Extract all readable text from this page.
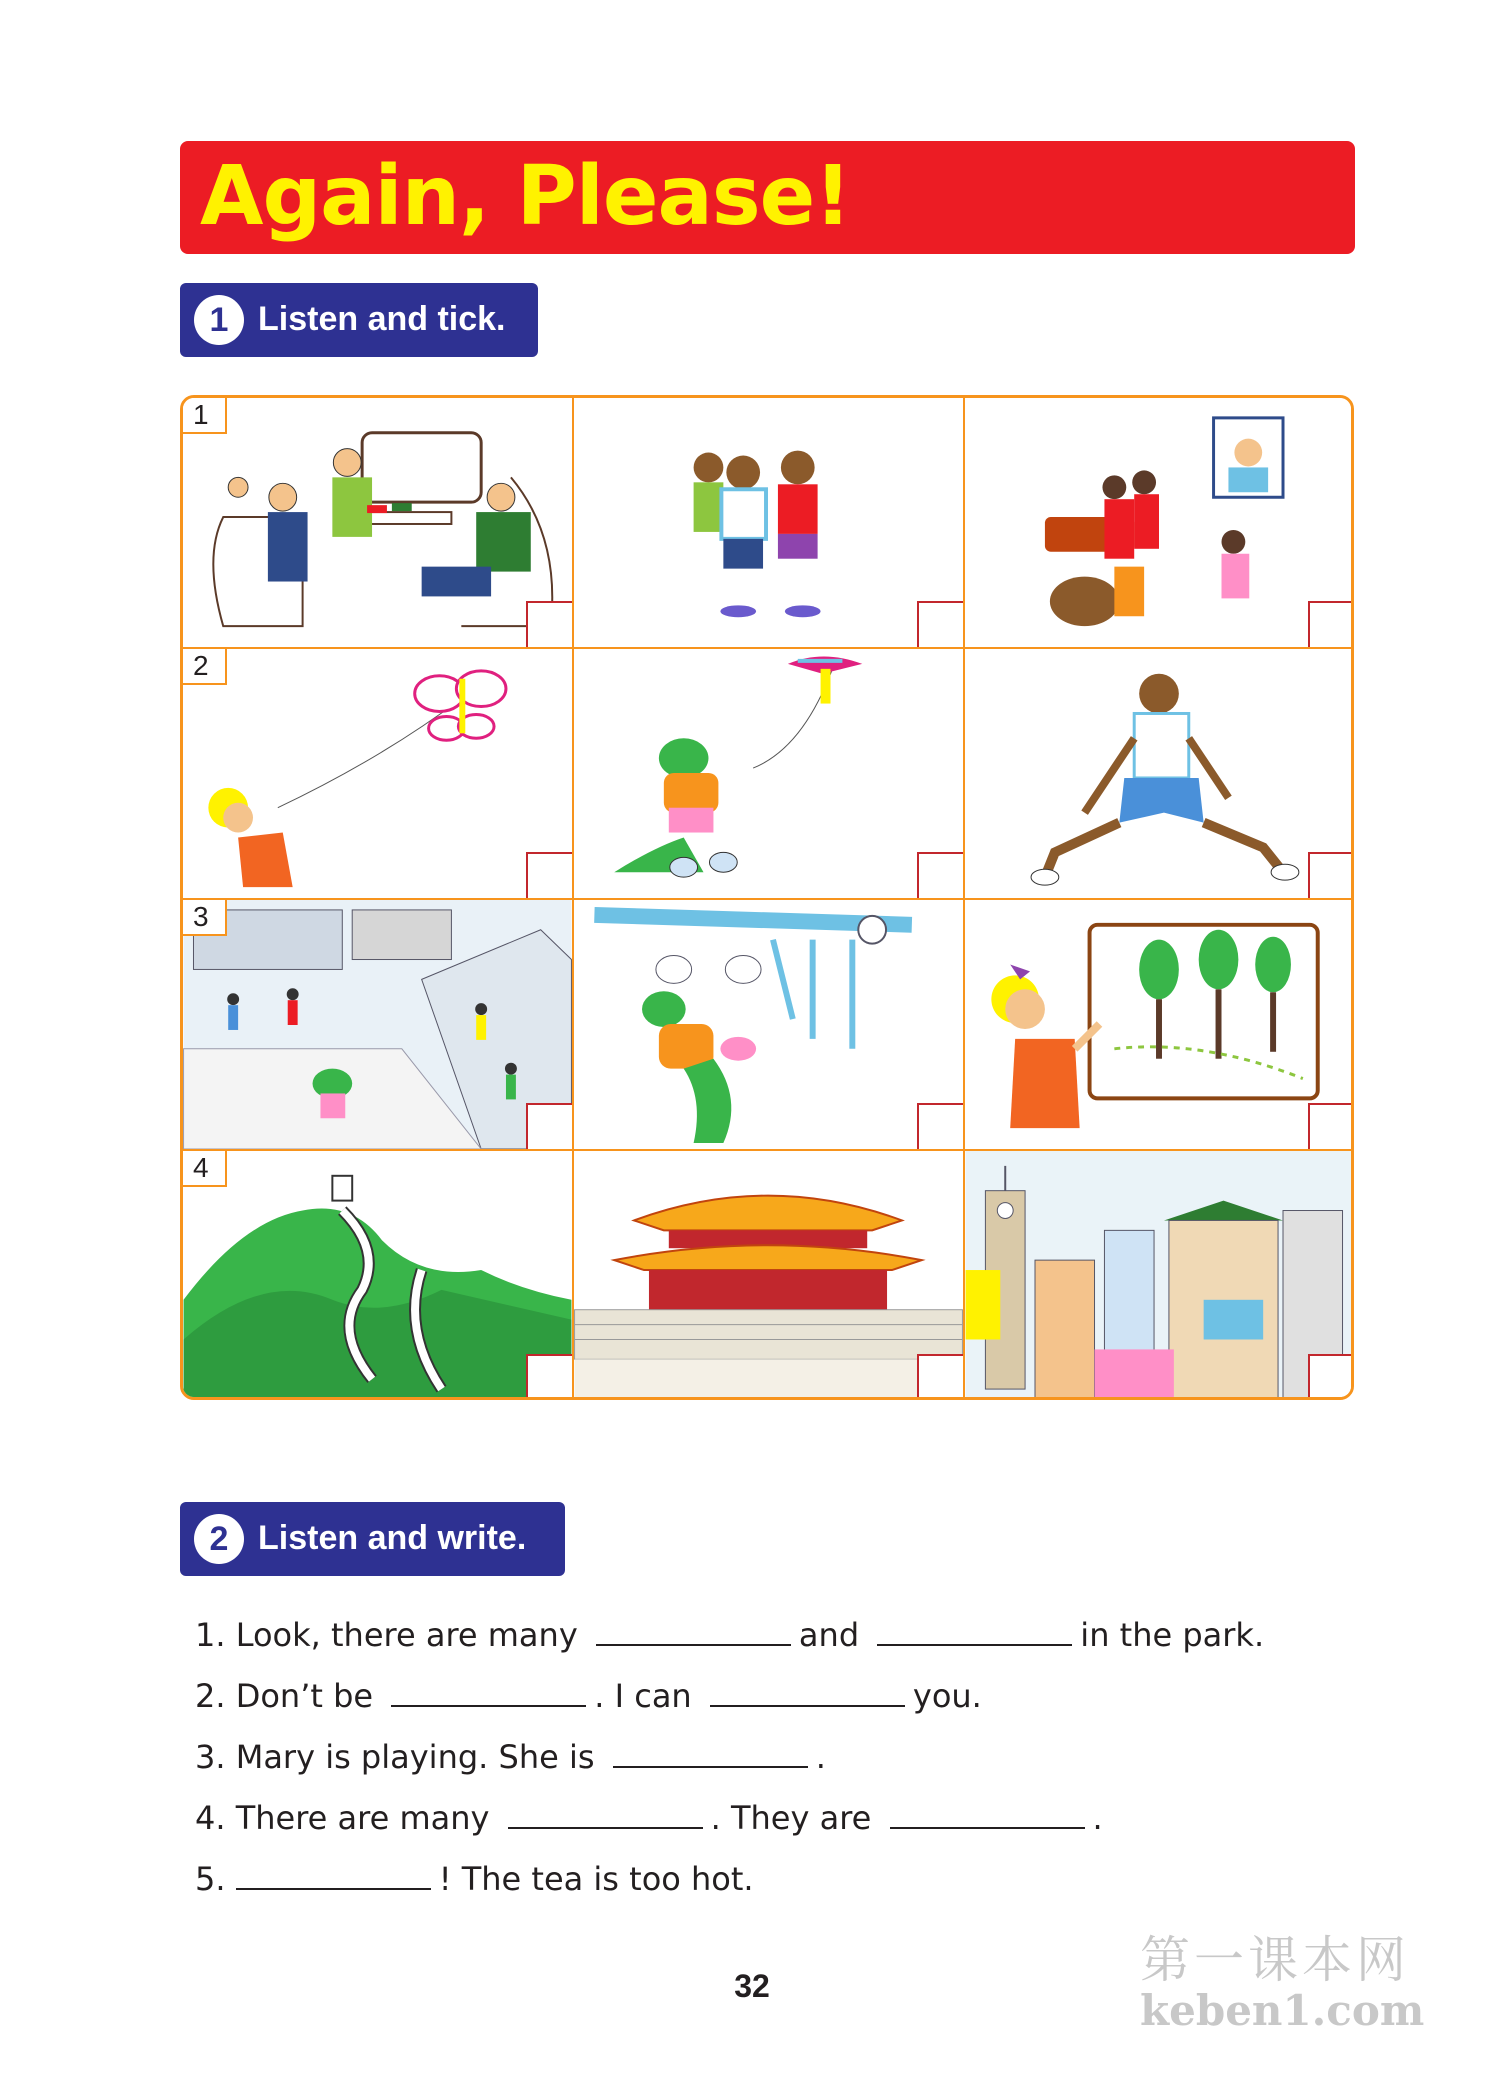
Again, Please!
1 Listen and tick.
1
2
3
4
2 Listen and write.
1. Look, there are many	and	in the park.
2. Don’t be	. I can	you.
3. Mary is playing. She is	.
4. There are many	. They are	.
5.	! The tea is too hot.
32	第一课本网
keben1.com
